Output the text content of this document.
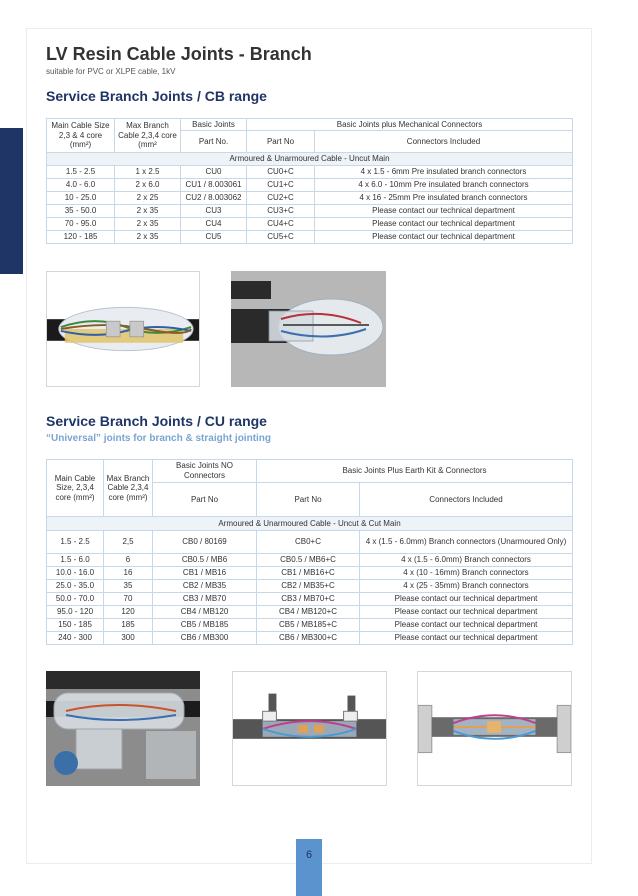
LV Resin Cable Joints - Branch
suitable for PVC or XLPE cable, 1kV
Service Branch Joints / CB range
Main Cable Size 2,3 & 4 core (mm²)	Max Branch Cable 2,3,4 core (mm²	Basic Joints	Basic Joints plus Mechanical Connectors	
		Part No.	Part No	Connectors Included
Armoured & Unarmoured Cable - Uncut Main				
1.5 - 2.5	1 x 2.5	CU0	CU0+C	4 x 1.5 - 6mm Pre insulated branch connectors
4.0 - 6.0	2 x 6.0	CU1 / 8.003061	CU1+C	4 x 6.0 - 10mm Pre insulated branch connectors
10 - 25.0	2 x 25	CU2 / 8.003062	CU2+C	4 x 16 - 25mm Pre insulated branch connectors
35 - 50.0	2 x 35	CU3	CU3+C	Please contact our technical department
70 - 95.0	2 x 35	CU4	CU4+C	Please contact our technical department
120 - 185	2 x 35	CU5	CU5+C	Please contact our technical department
Service Branch Joints / CU range
“Universal” joints for branch & straight jointing
Main Cable Size, 2,3,4 core (mm²)	Max Branch Cable 2,3,4 core (mm²)	Basic Joints NO Connectors	Basic Joints Plus Earth Kit & Connectors	
		Part No	Part No	Connectors Included
Armoured & Unarmoured Cable - Uncut & Cut Main				
1.5 - 2.5	2,5	CB0 / 80169	CB0+C	4 x (1.5 - 6.0mm) Branch connectors (Unarmoured Only)
1.5 - 6.0	6	CB0.5 / MB6	CB0.5 / MB6+C	4 x (1.5 - 6.0mm) Branch connectors
10.0 - 16.0	16	CB1 / MB16	CB1 / MB16+C	4 x (10 - 16mm) Branch connectors
25.0 - 35.0	35	CB2 / MB35	CB2 / MB35+C	4 x (25 - 35mm) Branch connectors
50.0 - 70.0	70	CB3 / MB70	CB3 / MB70+C	Please contact our technical department
95.0 - 120	120	CB4 / MB120	CB4 / MB120+C	Please contact our technical department
150 - 185	185	CB5 / MB185	CB5 / MB185+C	Please contact our technical department
240 - 300	300	CB6 / MB300	CB6 / MB300+C	Please contact our technical department
6
